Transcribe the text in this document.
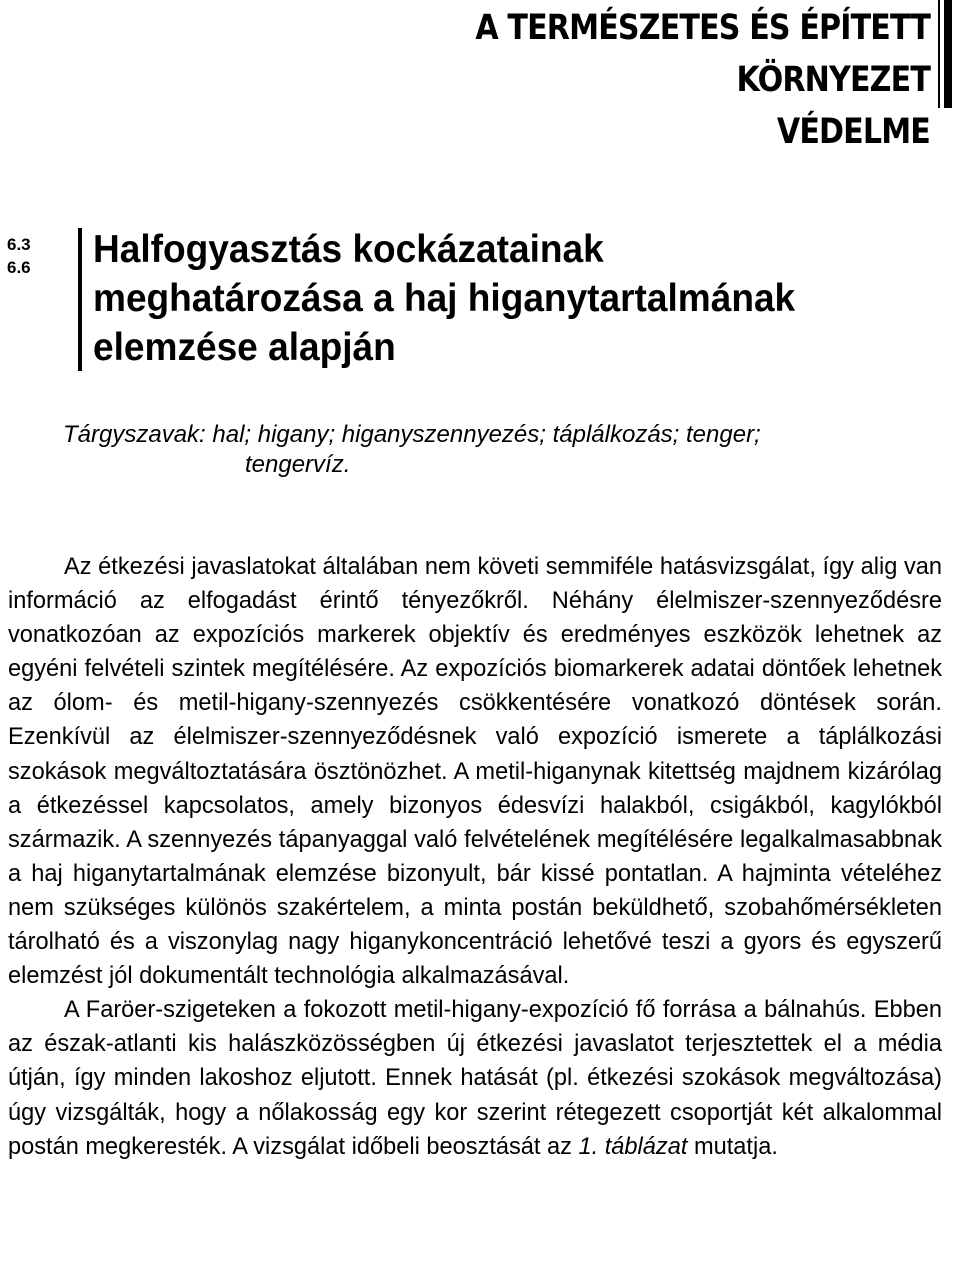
A TERMÉSZETES ÉS ÉPÍTETT KÖRNYEZET
VÉDELME
6.3
6.6 Halfogyasztás kockázatainak
meghatározása a haj higanytartalmának
elemzése alapján
Tárgyszavak: hal; higany; higanyszennyezés; táplálkozás; tenger;
tengervíz.

Az étkezési javaslatokat általában nem követi semmiféle hatásvizsgálat, így alig van információ az elfogadást érintő tényezőkről. Néhány élelmiszer-szennyeződésre vonatkozóan az expozíciós markerek objektív és eredményes eszközök lehetnek az egyéni felvételi szintek megítélésére. Az expozíciós biomarkerek adatai döntőek lehetnek az ólom- és metil-higany-szennyezés csökkentésére vonatkozó döntések során. Ezenkívül az élelmiszer-szennyeződésnek való expozíció ismerete a táplálkozási szokások megváltoztatására ösztönözhet. A metil-higanynak kitettség majdnem kizárólag a étkezéssel kapcsolatos, amely bizonyos édesvízi halakból, csigákból, kagylókból származik. A szennyezés tápanyaggal való felvételének megítélésére legalkalmasabbnak a haj higanytartalmának elemzése bizonyult, bár kissé pontatlan. A hajminta vételéhez nem szükséges különös szakértelem, a minta postán beküldhető, szobahőmérsékleten tárolható és a viszonylag nagy higanykoncentráció lehetővé teszi a gyors és egyszerű elemzést jól dokumentált technológia alkalmazásával.

A Faröer-szigeteken a fokozott metil-higany-expozíció fő forrása a bálnahús. Ebben az észak-atlanti kis halászközösségben új étkezési javaslatot terjesztettek el a média útján, így minden lakoshoz eljutott. Ennek hatását (pl. étkezési szokások megváltozása) úgy vizsgálták, hogy a nőlakosság egy kor szerint rétegezett csoportját két alkalommal postán megkeresték. A vizsgálat időbeli beosztását az 1. táblázat mutatja.
